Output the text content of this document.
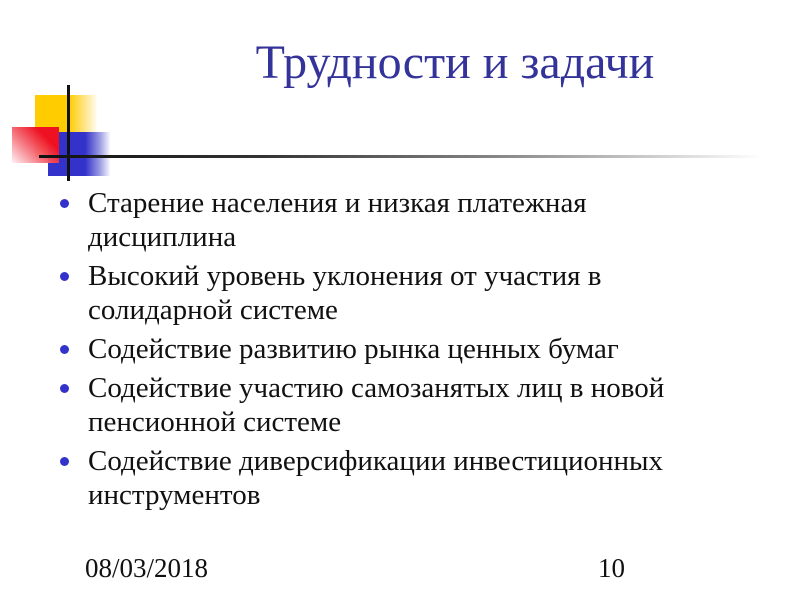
Трудности и задачи
Старение населения и низкая платежная дисциплина
Высокий уровень уклонения от участия в солидарной системе
Содействие развитию рынка ценных бумаг
Содействие участию самозанятых лиц в новой пенсионной системе
Содействие диверсификации инвестиционных инструментов
08/03/2018	10
